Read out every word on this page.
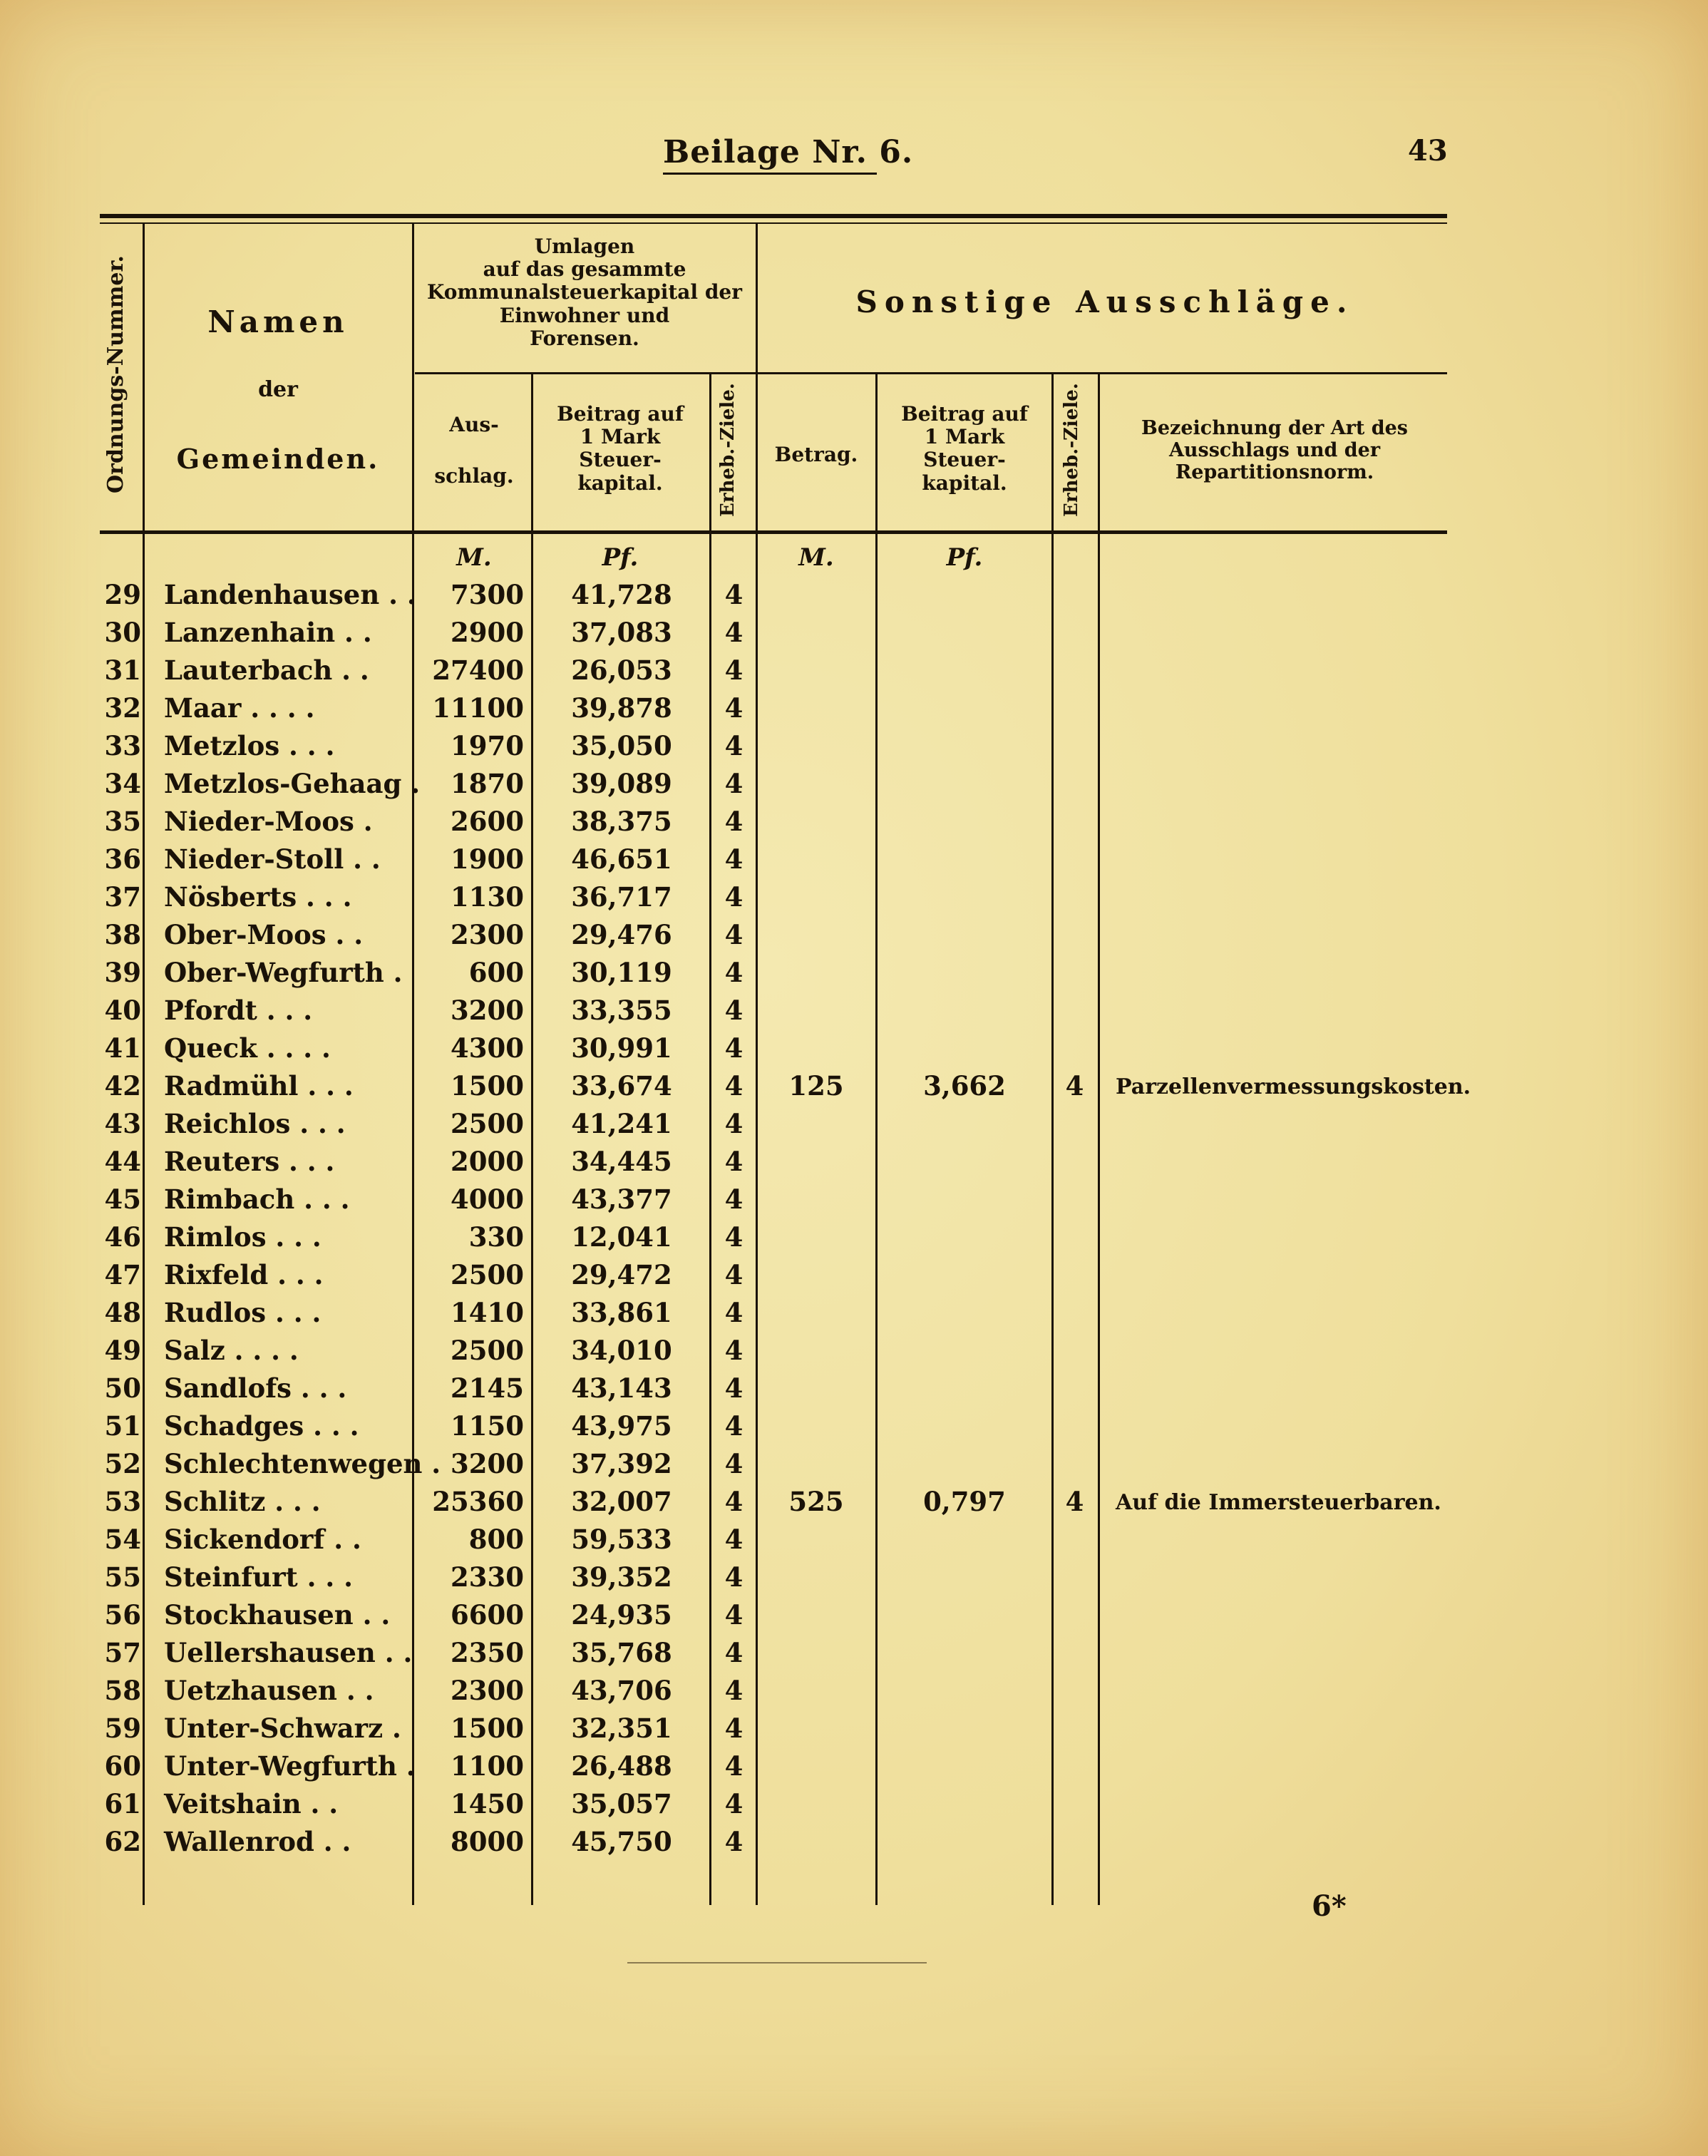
Beilage Nr. 6.	43
Ordnungs-Nummer.	Namen
der
Gemeinden.
Umlagen
auf das gesammte
Kommunalsteuerkapital der
Einwohner und
Forensen.
Sonstige Ausschläge.
Aus-
schlag.
Beitrag auf
1 Mark
Steuer-
kapital.	Erheb.-Ziele.	Betrag.
Beitrag auf
1 Mark
Steuer-
kapital.	Erheb.-Ziele.	Bezeichnung der Art des
Ausschlags und der
Repartitionsnorm.
M.	Pf.	M.	Pf.
29 Landenhausen . .	7300	41,728	4
30 Lanzenhain . .	2900	37,083	4
31 Lauterbach . .	27400	26,053	4
32 Maar . . . .	11100	39,878	4
33 Metzlos . . .	1970	35,050	4
34 Metzlos-Gehaag .	1870	39,089	4
35 Nieder-Moos .	2600	38,375	4
36 Nieder-Stoll . .	1900	46,651	4
37 Nösberts . . .	1130	36,717	4
38 Ober-Moos . .	2300	29,476	4
39 Ober-Wegfurth .	600	30,119	4
40 Pfordt . . .	3200	33,355	4
41 Queck . . . .	4300	30,991	4
42 Radmühl . . .	1500	33,674	4	125	3,662	4	Parzellenvermessungskosten.
43 Reichlos . . .	2500	41,241	4
44 Reuters . . .	2000	34,445	4
45 Rimbach . . .	4000	43,377	4
46 Rimlos . . .	330	12,041	4
47 Rixfeld . . .	2500	29,472	4
48 Rudlos . . .	1410	33,861	4
49 Salz . . . .	2500	34,010	4
50 Sandlofs . . .	2145	43,143	4
51 Schadges . . .	1150	43,975	4
52 Schlechtenwegen . 3200	37,392	4
53 Schlitz . . .	25360	32,007	4	525	0,797	4	Auf die Immersteuerbaren.
54 Sickendorf . .	800	59,533	4
55 Steinfurt . . .	2330	39,352	4
56 Stockhausen . .	6600	24,935	4
57 Uellershausen . .	2350	35,768	4
58 Uetzhausen . .	2300	43,706	4
59 Unter-Schwarz .	1500	32,351	4
60 Unter-Wegfurth .	1100	26,488	4
61 Veitshain . .	1450	35,057	4
62 Wallenrod . .	8000	45,750	4
6*
